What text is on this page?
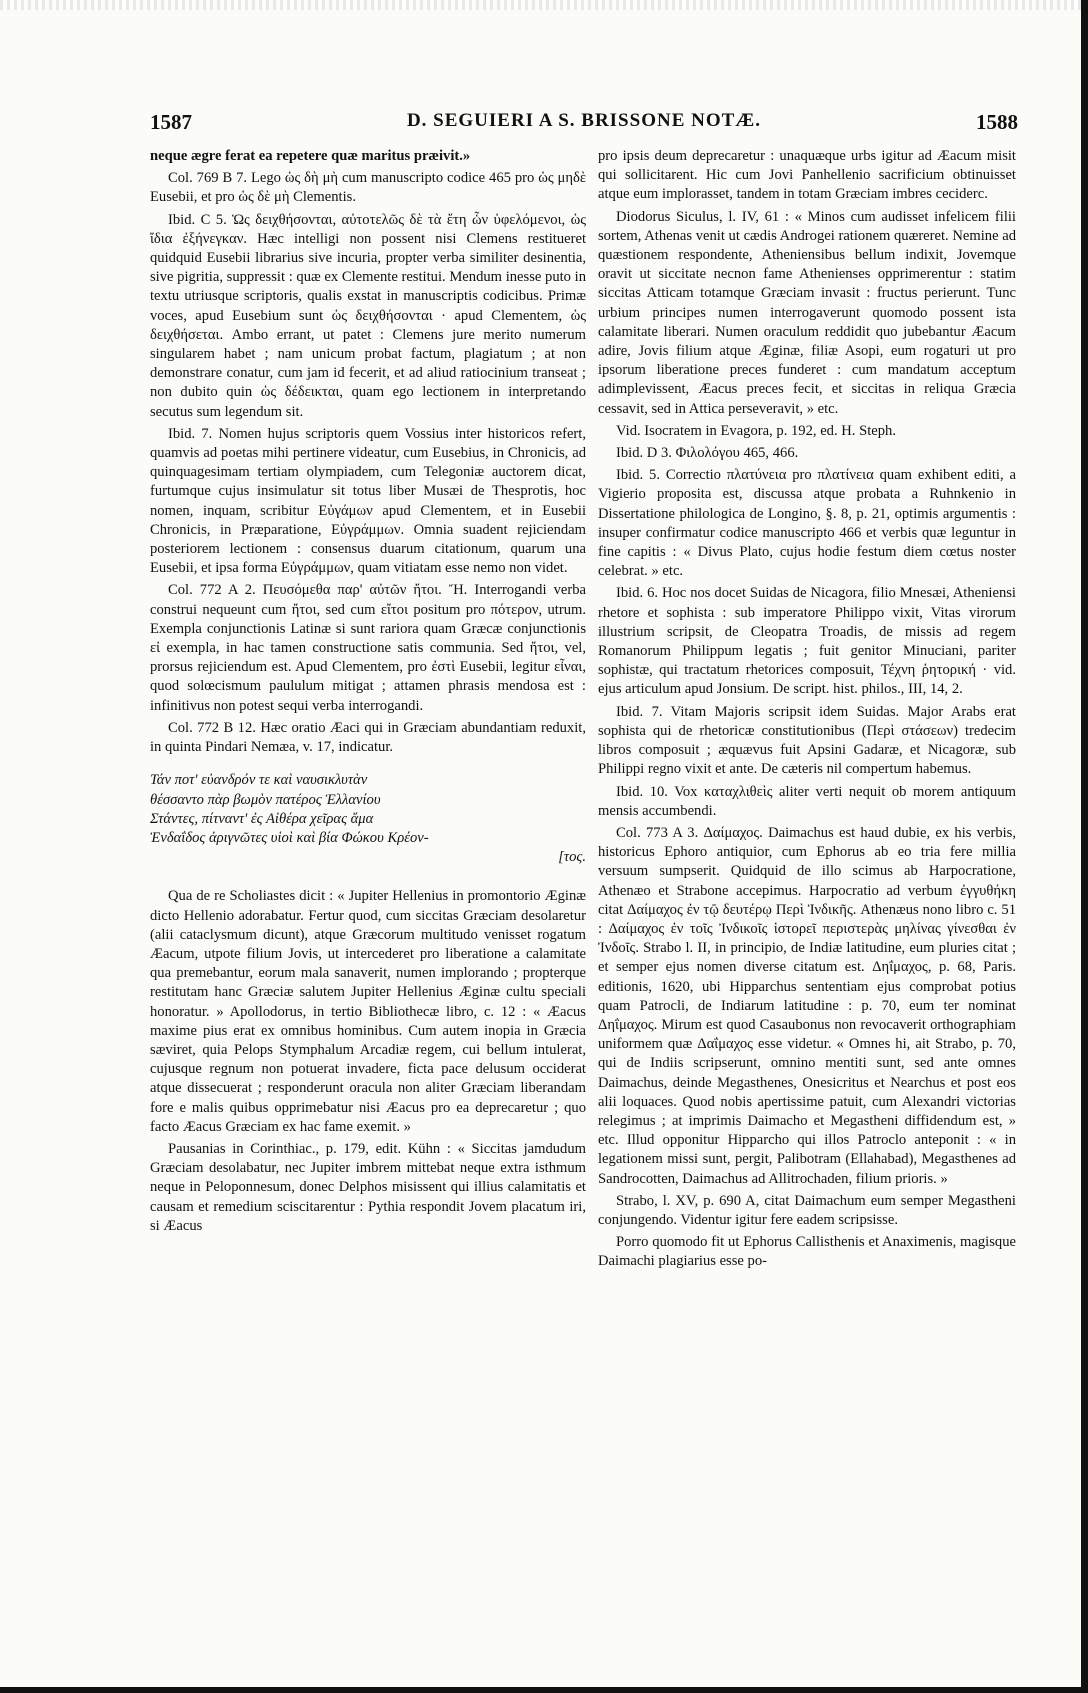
1587	D. SEGUIERI A S. BRISSONE NOTÆ.	1588

neque ægre ferat ea repetere quæ maritus præivit.»

Col. 769 B 7. Lego ὡς δὴ μὴ cum manuscripto codice 465 pro ὡς μηδὲ Eusebii, et pro ὡς δὲ μὴ Clementis.

Ibid. C 5. Ὡς δειχθήσονται, αὐτοτελῶς δὲ τὰ ἔτη ὧν ὑφελόμενοι, ὡς ἴδια ἐξήνεγκαν. Hæc intelligi non possent nisi Clemens restitueret quidquid Eusebii librarius sive incuria, propter verba similiter desinentia, sive pigritia, suppressit : quæ ex Clemente restitui. Mendum inesse puto in textu utriusque scriptoris, qualis exstat in manuscriptis codicibus. Primæ voces, apud Eusebium sunt ὡς δειχθήσονται · apud Clementem, ὡς δειχθήσεται. Ambo errant, ut patet : Clemens jure merito numerum singularem habet ; nam unicum probat factum, plagiatum ; at non demonstrare conatur, cum jam id fecerit, et ad aliud ratiocinium transeat ; non dubito quin ὡς δέδεικται, quam ego lectionem in interpretando secutus sum legendum sit.

Ibid. 7. Nomen hujus scriptoris quem Vossius inter historicos refert, quamvis ad poetas mihi pertinere videatur, cum Eusebius, in Chronicis, ad quinquagesimam tertiam olympiadem, cum Telegoniæ auctorem dicat, furtumque cujus insimulatur sit totus liber Musæi de Thesprotis, hoc nomen, inquam, scribitur Εὐγάμων apud Clementem, et in Eusebii Chronicis, in Præparatione, Εὐγράμμων. Omnia suadent rejiciendam posteriorem lectionem : consensus duarum citationum, quarum una Eusebii, et ipsa forma Εὐγράμμων, quam vitiatam esse nemo non videt.

Col. 772 A 2. Πευσόμεθα παρ' αὐτῶν ἤτοι. Ἤ. Interrogandi verba construi nequeunt cum ἤτοι, sed cum εἴτοι positum pro πότερον, utrum. Exempla conjunctionis Latinæ si sunt rariora quam Græcæ conjunctionis εἰ exempla, in hac tamen constructione satis communia. Sed ἤτοι, vel, prorsus rejiciendum est. Apud Clementem, pro ἐστὶ Eusebii, legitur εἶναι, quod solœcismum paululum mitigat ; attamen phrasis mendosa est : infinitivus non potest sequi verba interrogandi.

Col. 772 B 12. Hæc oratio Æaci qui in Græciam abundantiam reduxit, in quinta Pindari Nemæa, v. 17, indicatur.

Τάν ποτ' εὐανδρόν τε καὶ ναυσικλυτὰν
θέσσαντο πὰρ βωμὸν πατέρος Ἑλλανίου
Στάντες, πίτναντ' ἐς Αἰθέρα χεῖρας ἅμα
Ἐνδαΐδος ἀριγνῶτες υἱοὶ καὶ βία Φώκου Κρέον-
[τος.

Qua de re Scholiastes dicit : « Jupiter Hellenius in promontorio Æginæ dicto Hellenio adorabatur. Fertur quod, cum siccitas Græciam desolaretur (alii cataclysmum dicunt), atque Græcorum multitudo venisset rogatum Æacum, utpote filium Jovis, ut intercederet pro liberatione a calamitate qua premebantur, eorum mala sanaverit, numen implorando ; propterque restitutam hanc Græciæ salutem Jupiter Hellenius Æginæ cultu speciali honoratur. » Apollodorus, in tertio Bibliothecæ libro, c. 12 : « Æacus maxime pius erat ex omnibus hominibus. Cum autem inopia in Græcia sæviret, quia Pelops Stymphalum Arcadiæ regem, cui bellum intulerat, cujusque regnum non potuerat invadere, ficta pace delusum occiderat atque dissecuerat ; responderunt oracula non aliter Græciam liberandam fore e malis quibus opprimebatur nisi Æacus pro ea deprecaretur ; quo facto Æacus Græciam ex hac fame exemit. »

Pausanias in Corinthiac., p. 179, edit. Kühn : « Siccitas jamdudum Græciam desolabatur, nec Jupiter imbrem mittebat neque extra isthmum neque in Peloponnesum, donec Delphos misissent qui illius calamitatis et causam et remedium sciscitarentur : Pythia respondit Jovem placatum iri, si Æacus

pro ipsis deum deprecaretur : unaquæque urbs igitur ad Æacum misit qui sollicitarent. Hic cum Jovi Panhellenio sacrificium obtinuisset atque eum implorasset, tandem in totam Græciam imbres ceciderc.

Diodorus Siculus, l. IV, 61 : « Minos cum audisset infelicem filii sortem, Athenas venit ut cædis Androgei rationem quæreret. Nemine ad quæstionem respondente, Atheniensibus bellum indixit, Jovemque oravit ut siccitate necnon fame Athenienses opprimerentur : statim siccitas Atticam totamque Græciam invasit : fructus perierunt. Tunc urbium principes numen interrogaverunt quomodo possent ista calamitate liberari. Numen oraculum reddidit quo jubebantur Æacum adire, Jovis filium atque Æginæ, filiæ Asopi, eum rogaturi ut pro ipsorum liberatione preces funderet : cum mandatum acceptum adimplevissent, Æacus preces fecit, et siccitas in reliqua Græcia cessavit, sed in Attica perseveravit, » etc.

Vid. Isocratem in Evagora, p. 192, ed. H. Steph.

Ibid. D 3. Φιλολόγου 465, 466.

Ibid. 5. Correctio πλατύνεια pro πλατίνεια quam exhibent editi, a Vigierio proposita est, discussa atque probata a Ruhnkenio in Dissertatione philologica de Longino, §. 8, p. 21, optimis argumentis : insuper confirmatur codice manuscripto 466 et verbis quæ leguntur in fine capitis : « Divus Plato, cujus hodie festum diem cœtus noster celebrat. » etc.

Ibid. 6. Hoc nos docet Suidas de Nicagora, filio Mnesæi, Atheniensi rhetore et sophista : sub imperatore Philippo vixit, Vitas virorum illustrium scripsit, de Cleopatra Troadis, de missis ad regem Romanorum Philippum legatis ; fuit genitor Minuciani, pariter sophistæ, qui tractatum rhetorices composuit, Τέχνη ῥητορική · vid. ejus articulum apud Jonsium. De script. hist. philos., III, 14, 2.

Ibid. 7. Vitam Majoris scripsit idem Suidas. Major Arabs erat sophista qui de rhetoricæ constitutionibus (Περὶ στάσεων) tredecim libros composuit ; æquævus fuit Apsini Gadaræ, et Nicagoræ, sub Philippi regno vixit et ante. De cæteris nil compertum habemus.

Ibid. 10. Vox καταχλιθεὶς aliter verti nequit ob morem antiquum mensis accumbendi.

Col. 773 A 3. Δαίμαχος. Daimachus est haud dubie, ex his verbis, historicus Ephoro antiquior, cum Ephorus ab eo tria fere millia versuum sumpserit. Quidquid de illo scimus ab Harpocratione, Athenæo et Strabone accepimus. Harpocratio ad verbum ἐγγυθήκη citat Δαίμαχος ἐν τῷ δευτέρῳ Περὶ Ἰνδικῆς. Athenæus nono libro c. 51 : Δαίμαχος ἐν τοῖς Ἰνδικοῖς ἱστορεῖ περιστερὰς μηλίνας γίνεσθαι ἐν Ἰνδοῖς. Strabo l. II, in principio, de Indiæ latitudine, eum pluries citat ; et semper ejus nomen diverse citatum est. Δηΐμαχος, p. 68, Paris. editionis, 1620, ubi Hipparchus sententiam ejus comprobat potius quam Patrocli, de Indiarum latitudine : p. 70, eum ter nominat Δηΐμαχος. Mirum est quod Casaubonus non revocaverit orthographiam uniformem quæ Δαΐμαχος esse videtur. « Omnes hi, ait Strabo, p. 70, qui de Indiis scripserunt, omnino mentiti sunt, sed ante omnes Daimachus, deinde Megasthenes, Onesicritus et Nearchus et post eos alii loquaces. Quod nobis apertissime patuit, cum Alexandri victorias relegimus ; at imprimis Daimacho et Megastheni diffidendum est, » etc. Illud opponitur Hipparcho qui illos Patroclo anteponit : « in legationem missi sunt, pergit, Palibotram (Ellahabad), Megasthenes ad Sandrocotten, Daimachus ad Allitrochaden, filium prioris. »

Strabo, l. XV, p. 690 A, citat Daimachum eum semper Megastheni conjungendo. Videntur igitur fere eadem scripsisse.

Porro quomodo fit ut Ephorus Callisthenis et Anaximenis, magisque Daimachi plagiarius esse po-
